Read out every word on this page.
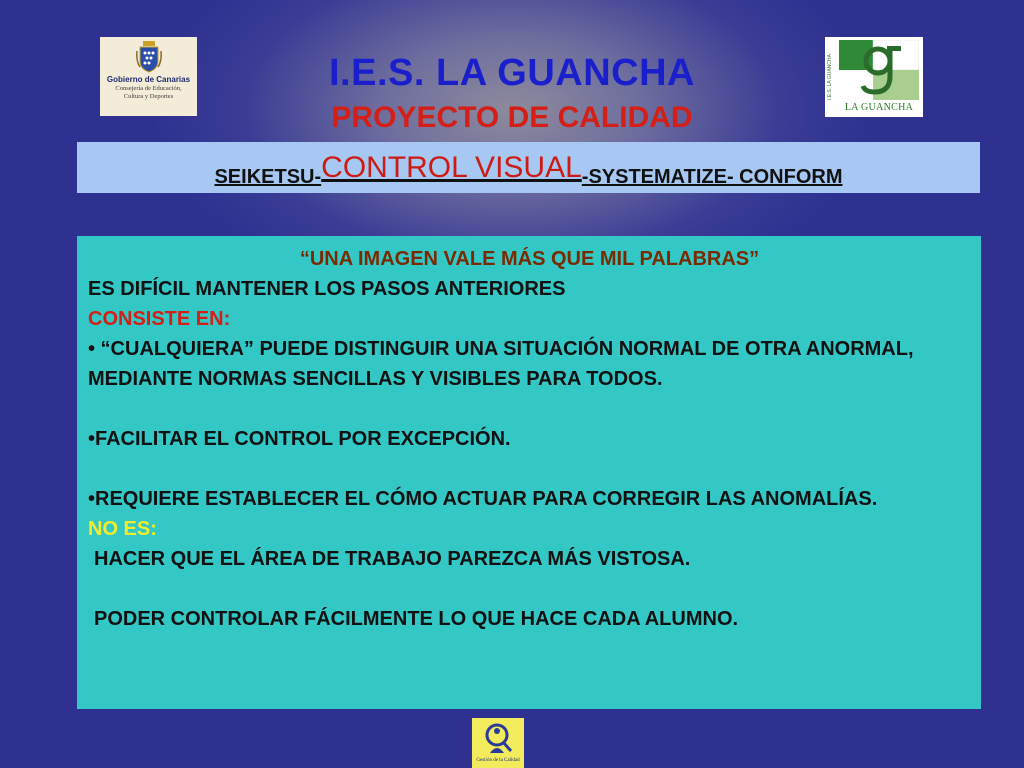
Gobierno de Canarias
Consejería de Educación,
Cultura y Deportes	I.E.S. LA GUANCHA
LA GUANCHA
I.E.S. LA GUANCHA
PROYECTO DE CALIDAD
SEIKETSU-CONTROL VISUAL-SYSTEMATIZE- CONFORM

“UNA IMAGEN VALE MÁS QUE MIL PALABRAS”

ES DIFÍCIL MANTENER LOS PASOS ANTERIORES

CONSISTE EN:

• “CUALQUIERA” PUEDE DISTINGUIR UNA SITUACIÓN NORMAL DE OTRA ANORMAL, MEDIANTE NORMAS SENCILLAS Y VISIBLES PARA TODOS.

•FACILITAR EL CONTROL POR EXCEPCIÓN.

•REQUIERE ESTABLECER EL CÓMO ACTUAR PARA CORREGIR LAS ANOMALÍAS.

NO ES:

HACER QUE EL ÁREA DE TRABAJO PAREZCA MÁS VISTOSA.

PODER CONTROLAR FÁCILMENTE LO QUE HACE CADA ALUMNO.

Gestión de la Calidad
